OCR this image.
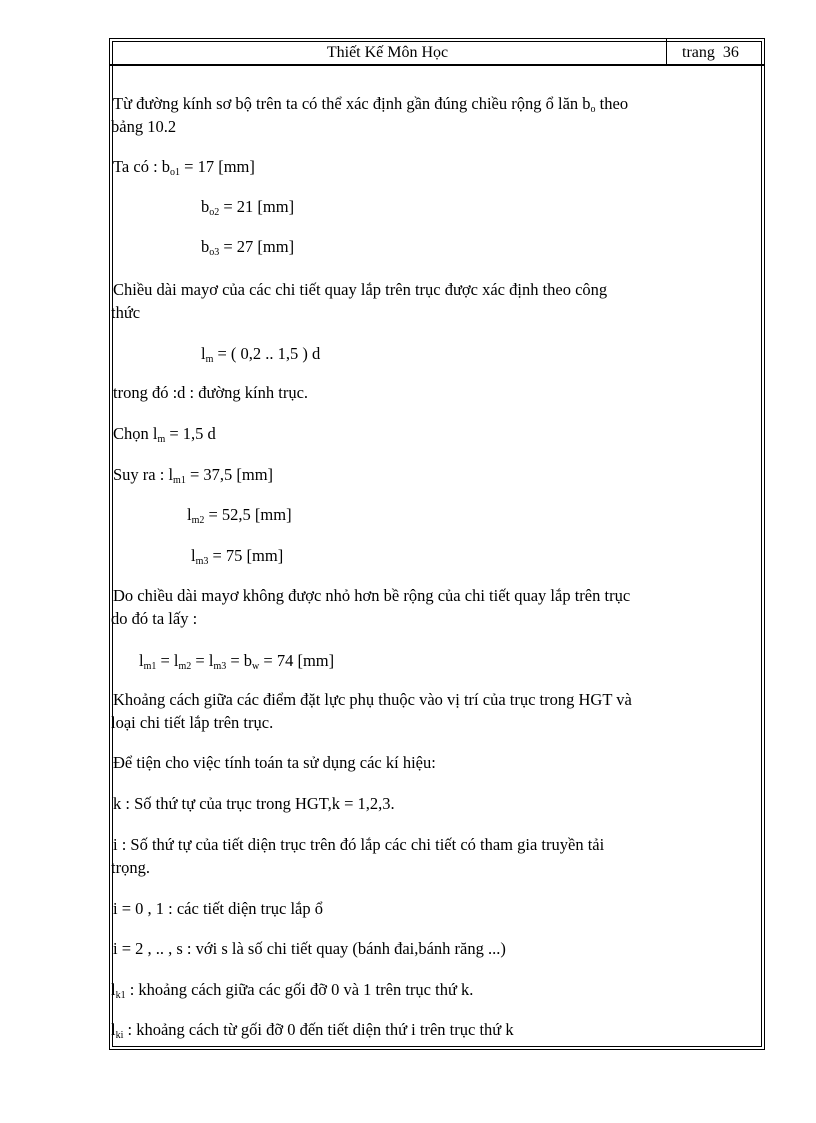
Thiết Kế Môn Học	trang 36
Từ đường kính sơ bộ trên ta có thể xác định gần đúng chiều rộng ổ lăn $b_o$ theo
bảng 10.2
Ta có : $b_{o1} = 17$ [mm]
$b_{o2} = 21$ [mm]
$b_{o3} = 27$ [mm]
Chiều dài mayơ của các chi tiết quay lắp trên trục được xác định theo công
thức
$l_m$ = ( 0,2 .. 1,5 ) d
trong đó :d : đường kính trục.
Chọn $l_m = 1,5$ d
Suy ra : $l_{m1} = 37,5$ [mm]
$l_{m2} = 52,5$ [mm]
$l_{m3} = 75$ [mm]
Do chiều dài mayơ không được nhỏ hơn bề rộng của chi tiết quay lắp trên trục
do đó ta lấy :
$l_{m1} = l_{m2} = l_{m3} = b_w = 74$ [mm]
Khoảng cách giữa các điểm đặt lực phụ thuộc vào vị trí của trục trong HGT và
loại chi tiết lắp trên trục.
Để tiện cho việc tính toán ta sử dụng các kí hiệu:
k : Số thứ tự của trục trong HGT,k = 1,2,3.
i : Số thứ tự của tiết diện trục trên đó lắp các chi tiết có tham gia truyền tải
trọng.
i = 0 , 1 : các tiết diện trục lắp ổ
i = 2 , .. , s : với s là số chi tiết quay (bánh đai,bánh răng ...)
$l_{k1}$ : khoảng cách giữa các gối đỡ 0 và 1 trên trục thứ k.
$l_{ki}$ : khoảng cách từ gối đỡ 0 đến tiết diện thứ i trên trục thứ k
